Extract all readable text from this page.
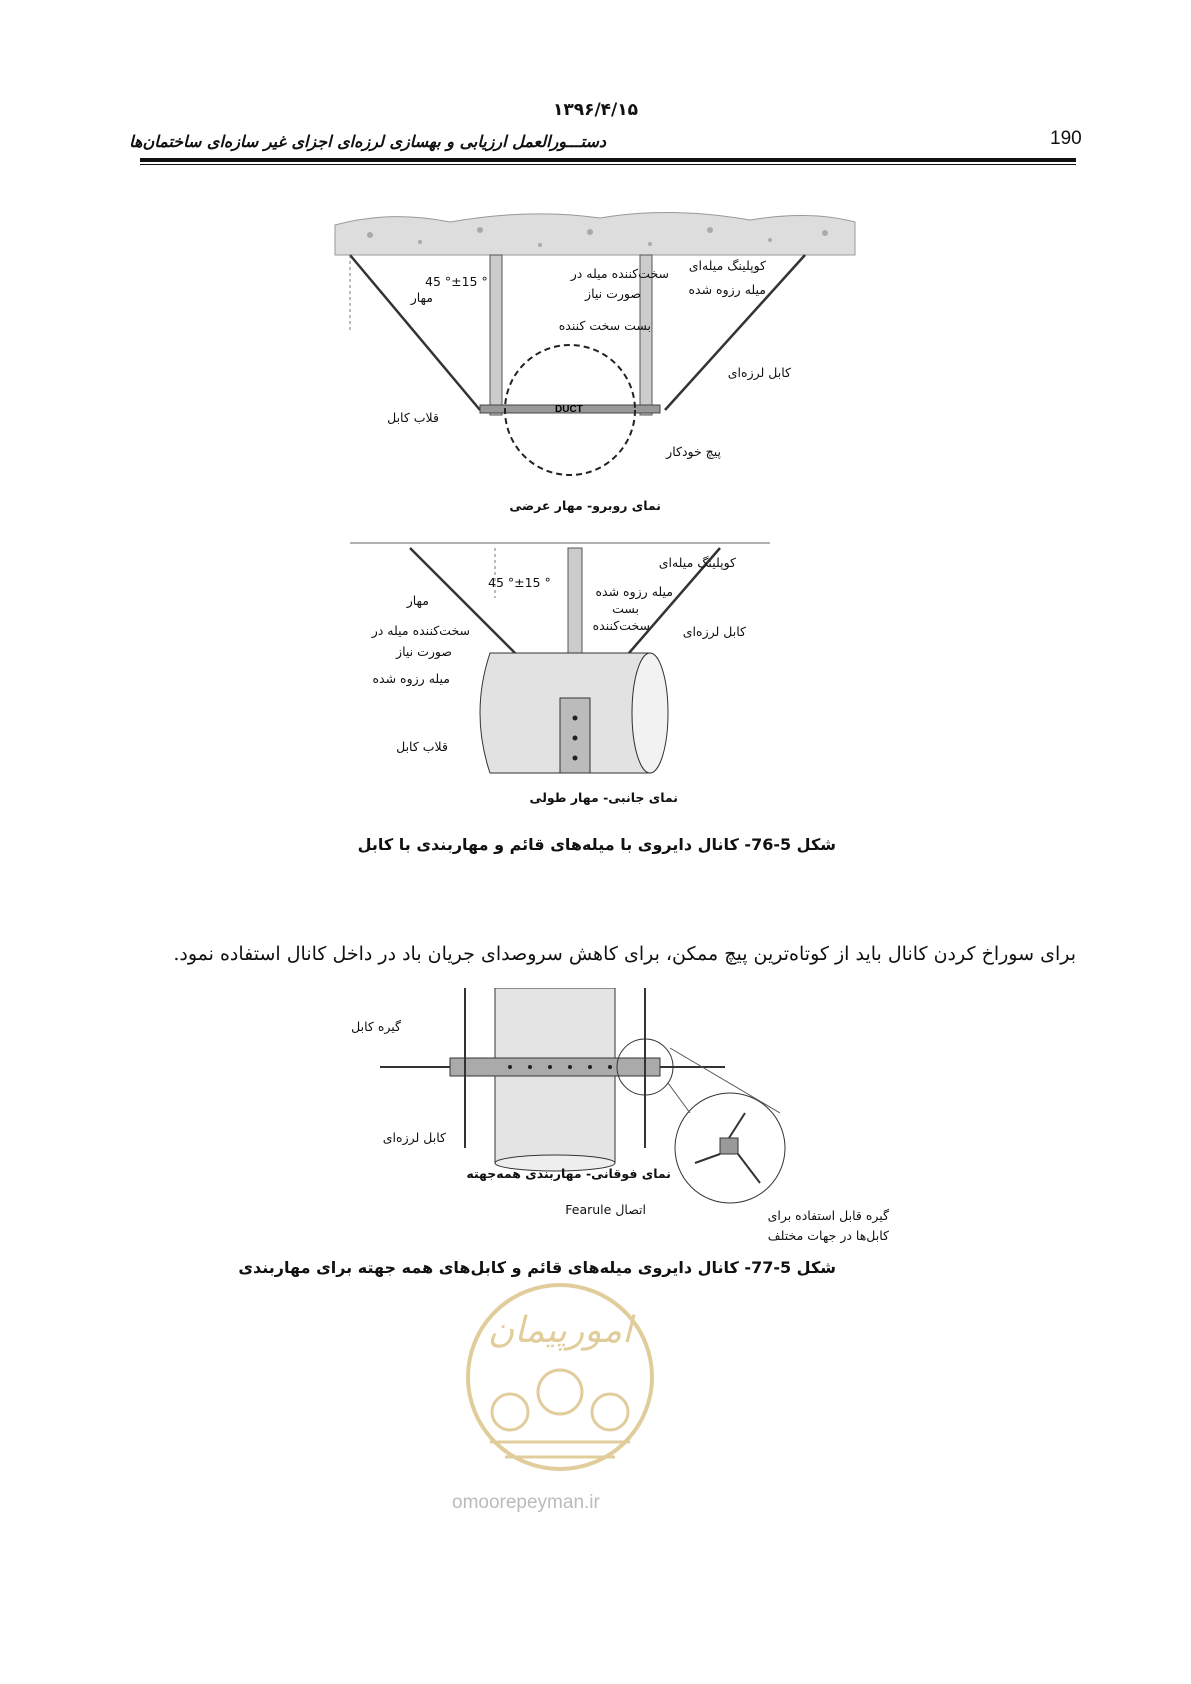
۱۳۹۶/۴/۱۵
دستـــورالعمل ارزیابی و بهسازی لرزه‌ای اجزای غیر سازه‌ای ساختمان‌ها	190
DUCT
45 °±15 °
سخت‌کننده میله در
صورت نیاز
کوپلینگ میله‌ای
میله رزوه شده
مهار
بست سخت کننده
کابل لرزه‌ای
قلاب کابل
پیچ خودکار
نمای روبرو- مهار عرضی
45 °±15 °
کوپلینگ میله‌ای
میله رزوه شده
بست
سخت‌کننده	کابل لرزه‌ای
مهار
سخت‌کننده میله در
صورت نیاز
میله رزوه شده
قلاب کابل
نمای جانبی- مهار طولی
شکل 5-76- کانال دایروی با میله‌های قائم و مهاربندی با کابل
برای سوراخ کردن کانال باید از کوتاه‌ترین پیچ ممکن، برای کاهش سروصدای جریان باد در داخل کانال استفاده نمود.
گیره کابل
کابل لرزه‌ای
نمای فوقانی- مهاربندی همه‌جهته
اتصال Fearule	گیره قابل استفاده برای
کابل‌ها در جهات مختلف
شکل 5-77- کانال دایروی میله‌های قائم و کابل‌های همه جهته برای مهاربندی
امورپیمان
omoorepeyman.ir
